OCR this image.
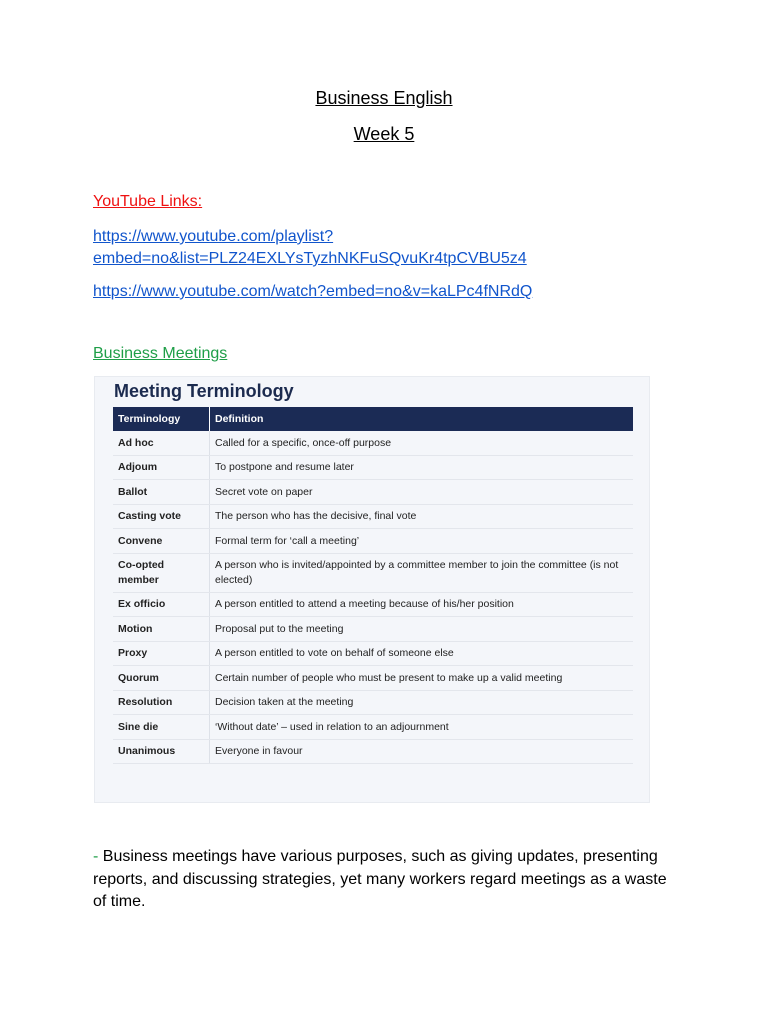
Business English
Week 5
YouTube Links:
https://www.youtube.com/playlist?
embed=no&list=PLZ24EXLYsTyzhNKFuSQvuKr4tpCVBU5z4
https://www.youtube.com/watch?embed=no&v=kaLPc4fNRdQ
Business Meetings
Meeting Terminology
Terminology	Definition
Ad hoc	Called for a specific, once-off purpose
Adjoum	To postpone and resume later
Ballot	Secret vote on paper
Casting vote	The person who has the decisive, final vote
Convene	Formal term for ‘call a meeting’
Co-opted member	A person who is invited/appointed by a committee member to join the committee (is not elected)
Ex officio	A person entitled to attend a meeting because of his/her position
Motion	Proposal put to the meeting
Proxy	A person entitled to vote on behalf of someone else
Quorum	Certain number of people who must be present to make up a valid meeting
Resolution	Decision taken at the meeting
Sine die	‘Without date’ – used in relation to an adjournment
Unanimous	Everyone in favour
- Business meetings have various purposes, such as giving updates, presenting reports, and discussing strategies, yet many workers regard meetings as a waste of time.
